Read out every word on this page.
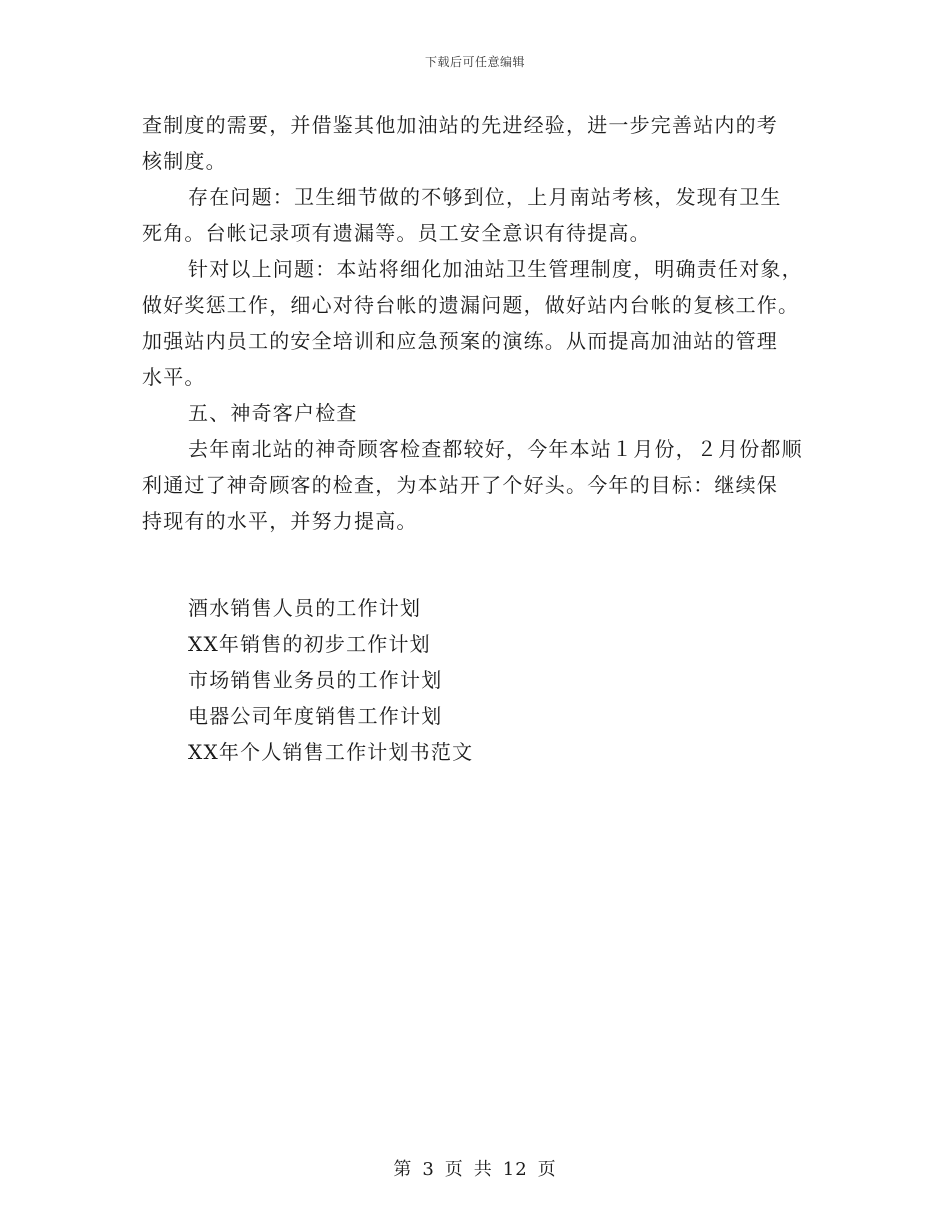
下载后可任意编辑
查制度的需要，并借鉴其他加油站的先进经验，进一步完善站内的考
核制度。
存在问题：卫生细节做的不够到位，上月南站考核，发现有卫生
死角。台帐记录项有遗漏等。员工安全意识有待提高。
针对以上问题：本站将细化加油站卫生管理制度，明确责任对象，
做好奖惩工作，细心对待台帐的遗漏问题，做好站内台帐的复核工作。
加强站内员工的安全培训和应急预案的演练。从而提高加油站的管理
水平。
五、神奇客户检查
去年南北站的神奇顾客检查都较好，今年本站１月份，２月份都顺
利通过了神奇顾客的检查，为本站开了个好头。今年的目标：继续保
持现有的水平，并努力提高。
酒水销售人员的工作计划
XX年销售的初步工作计划
市场销售业务员的工作计划
电器公司年度销售工作计划
XX年个人销售工作计划书范文
第 3 页 共 12 页
